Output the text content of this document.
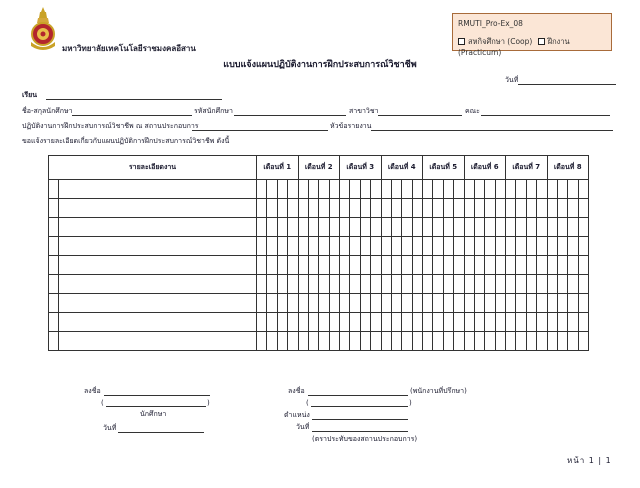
มหาวิทยาลัยเทคโนโลยีราชมงคลอีสาน
RMUTI_Pro-Ex_08
สหกิจศึกษา (Coop) ฝึกงาน (Practicum)
แบบแจ้งแผนปฏิบัติงานการฝึกประสบการณ์วิชาชีพ
วันที่
เรียน
ชื่อ-สกุลนักศึกษา	รหัสนักศึกษา	สาขาวิชา	คณะ
ปฏิบัติงานการฝึกประสบการณ์วิชาชีพ ณ สถานประกอบการ	หัวข้อรายงาน
ขอแจ้งรายละเอียดเกี่ยวกับแผนปฏิบัติการฝึกประสบการณ์วิชาชีพ ดังนี้
รายละเอียดงาน		เดือนที่ 1				เดือนที่ 2				เดือนที่ 3				เดือนที่ 4				เดือนที่ 5				เดือนที่ 6				เดือนที่ 7				เดือนที่ 8			

ลงชื่อ
(	)
นักศึกษา
วันที่
ลงชื่อ	(พนักงานที่ปรึกษา)
(	)
ตำแหน่ง
วันที่
(ตราประทับของสถานประกอบการ)
หน้า 1 | 1
